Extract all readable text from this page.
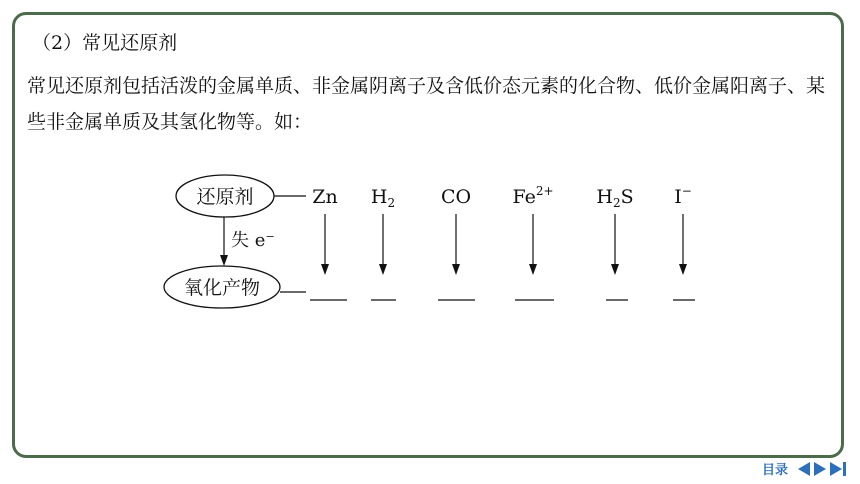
（2）常见还原剂
常见还原剂包括活泼的金属单质、非金属阴离子及含低价态元素的化合物、低价金属阳离子、某些非金属单质及其氢化物等。如：
还原剂
失 e⁻
氧化产物
Zn $H_2$ CO $Fe^{2+}$ $H_2S$ I−
目录
